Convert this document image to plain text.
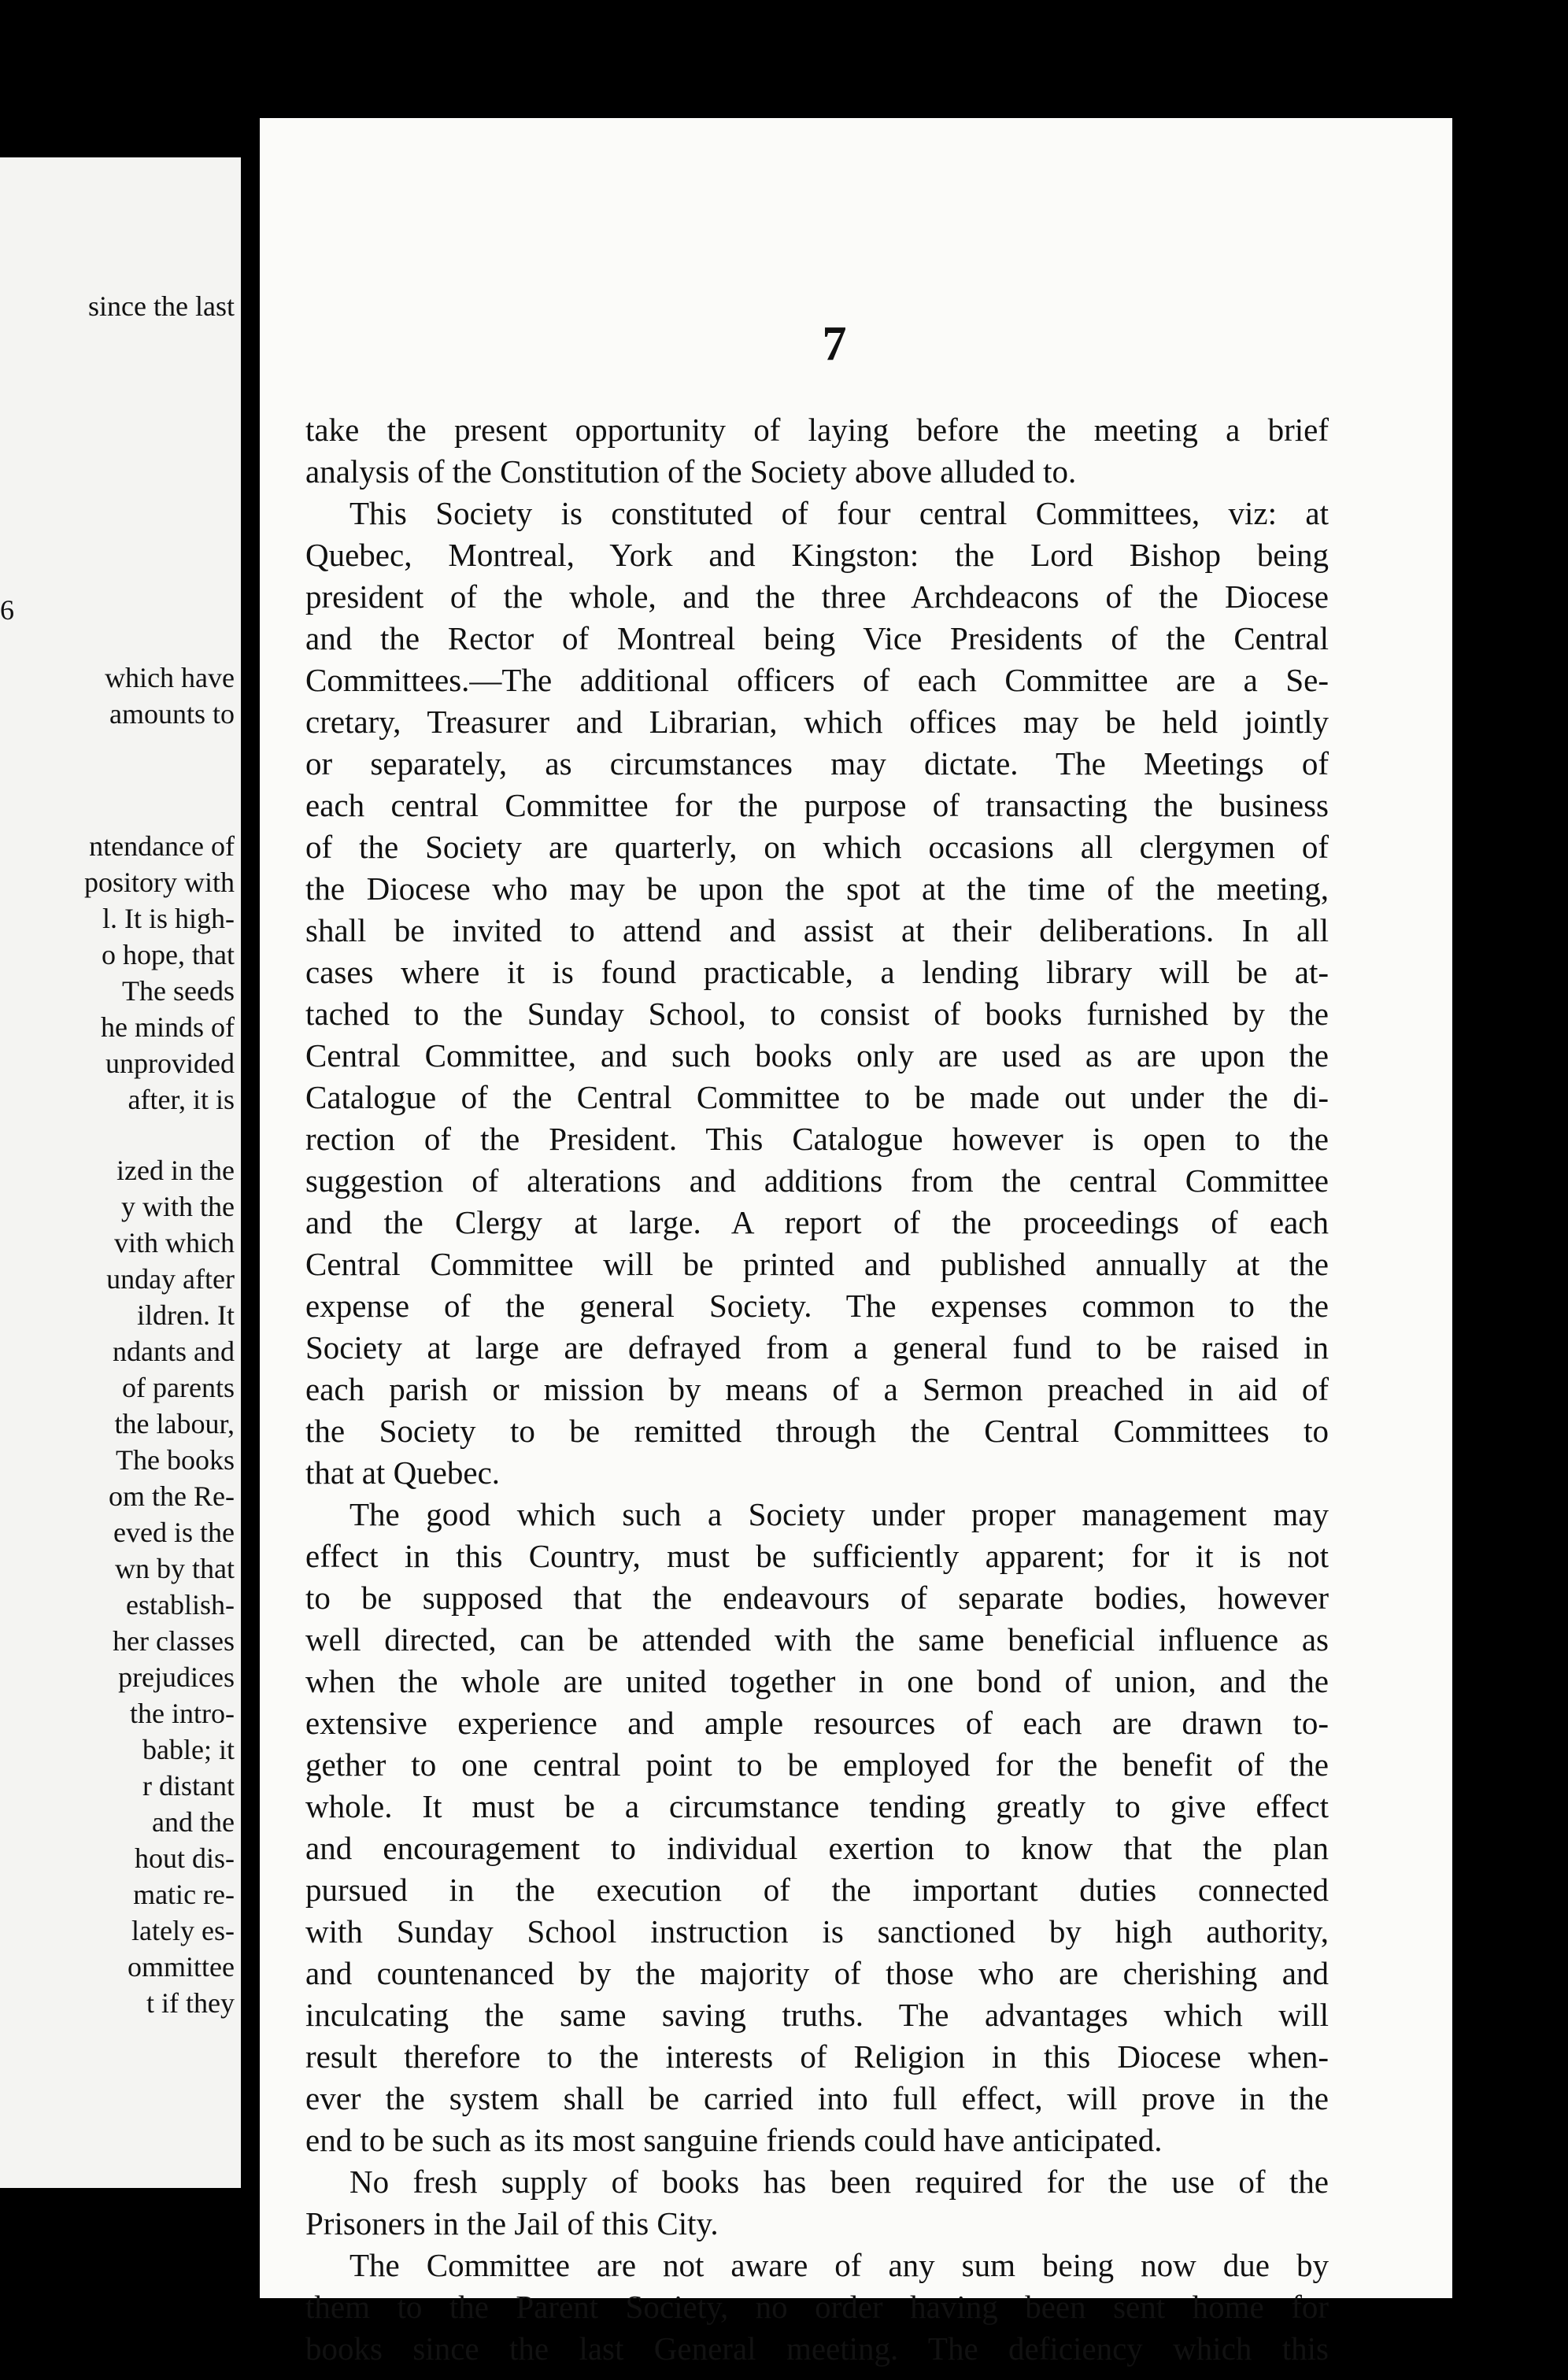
since the last
6
which have
amounts to
ntendance of
pository with
l. It is high-
o hope, that
The seeds
he minds of
unprovided
after, it is
ized in the
y with the
vith which
unday after
ildren. It
ndants and
of parents
the labour,
The books
om the Re-
eved is the
wn by that
establish-
her classes
prejudices
the intro-
bable; it
r distant
and the
hout dis-
matic re-
lately es-
ommittee
t if they
7
take the present opportunity of laying before the meeting a brief
analysis of the Constitution of the Society above alluded to.
This Society is constituted of four central Committees, viz: at
Quebec, Montreal, York and Kingston: the Lord Bishop being
president of the whole, and the three Archdeacons of the Diocese
and the Rector of Montreal being Vice Presidents of the Central
Committees.—The additional officers of each Committee are a Se-
cretary, Treasurer and Librarian, which offices may be held jointly
or separately, as circumstances may dictate. The Meetings of
each central Committee for the purpose of transacting the business
of the Society are quarterly, on which occasions all clergymen of
the Diocese who may be upon the spot at the time of the meeting,
shall be invited to attend and assist at their deliberations. In all
cases where it is found practicable, a lending library will be at-
tached to the Sunday School, to consist of books furnished by the
Central Committee, and such books only are used as are upon the
Catalogue of the Central Committee to be made out under the di-
rection of the President. This Catalogue however is open to the
suggestion of alterations and additions from the central Committee
and the Clergy at large. A report of the proceedings of each
Central Committee will be printed and published annually at the
expense of the general Society. The expenses common to the
Society at large are defrayed from a general fund to be raised in
each parish or mission by means of a Sermon preached in aid of
the Society to be remitted through the Central Committees to
that at Quebec.
The good which such a Society under proper management may
effect in this Country, must be sufficiently apparent; for it is not
to be supposed that the endeavours of separate bodies, however
well directed, can be attended with the same beneficial influence as
when the whole are united together in one bond of union, and the
extensive experience and ample resources of each are drawn to-
gether to one central point to be employed for the benefit of the
whole. It must be a circumstance tending greatly to give effect
and encouragement to individual exertion to know that the plan
pursued in the execution of the important duties connected
with Sunday School instruction is sanctioned by high authority,
and countenanced by the majority of those who are cherishing and
inculcating the same saving truths. The advantages which will
result therefore to the interests of Religion in this Diocese when-
ever the system shall be carried into full effect, will prove in the
end to be such as its most sanguine friends could have anticipated.
No fresh supply of books has been required for the use of the
Prisoners in the Jail of this City.
The Committee are not aware of any sum being now due by
them to the Parent Society, no order having been sent home for
books since the last General meeting. The deficiency which this
